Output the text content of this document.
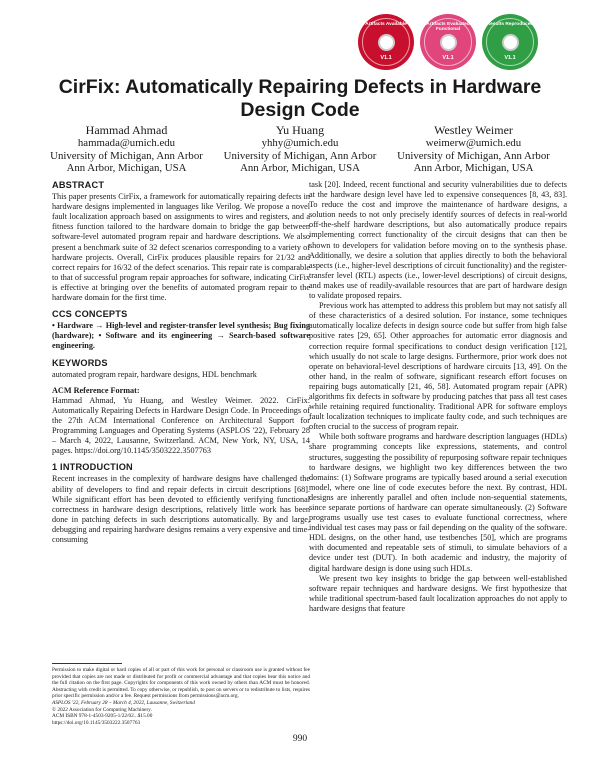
Artifacts Available
V1.1
Artifacts Evaluated Functional
V1.1
Results Reproduced
V1.1
CirFix: Automatically Repairing Defects in Hardware Design Code
Hammad Ahmad
hammada@umich.edu
University of Michigan, Ann Arbor
Ann Arbor, Michigan, USA
Yu Huang
yhhy@umich.edu
University of Michigan, Ann Arbor
Ann Arbor, Michigan, USA
Westley Weimer
weimerw@umich.edu
University of Michigan, Ann Arbor
Ann Arbor, Michigan, USA
ABSTRACT

This paper presents CirFix, a framework for automatically repairing defects in hardware designs implemented in languages like Verilog. We propose a novel fault localization approach based on assignments to wires and registers, and a fitness function tailored to the hardware domain to bridge the gap between software-level automated program repair and hardware descriptions. We also present a benchmark suite of 32 defect scenarios corresponding to a variety of hardware projects. Overall, CirFix produces plausible repairs for 21/32 and correct repairs for 16/32 of the defect scenarios. This repair rate is comparable to that of successful program repair approaches for software, indicating CirFix is effective at bringing over the benefits of automated program repair to the hardware domain for the first time.

CCS CONCEPTS

• Hardware → High-level and register-transfer level synthesis; Bug fixing (hardware); • Software and its engineering → Search-based software engineering.

KEYWORDS

automated program repair, hardware designs, HDL benchmark

ACM Reference Format:

Hammad Ahmad, Yu Huang, and Westley Weimer. 2022. CirFix: Automatically Repairing Defects in Hardware Design Code. In Proceedings of the 27th ACM International Conference on Architectural Support for Programming Languages and Operating Systems (ASPLOS '22), February 28 – March 4, 2022, Lausanne, Switzerland. ACM, New York, NY, USA, 14 pages. https://doi.org/10.1145/3503222.3507763

1 INTRODUCTION

Recent increases in the complexity of hardware designs have challenged the ability of developers to find and repair defects in circuit descriptions [68]. While significant effort has been devoted to efficiently verifying functional correctness in hardware design descriptions, relatively little work has been done in patching defects in such descriptions automatically. By and large, debugging and repairing hardware designs remains a very expensive and time-consuming

Permission to make digital or hard copies of all or part of this work for personal or classroom use is granted without fee provided that copies are not made or distributed for profit or commercial advantage and that copies bear this notice and the full citation on the first page. Copyrights for components of this work owned by others than ACM must be honored. Abstracting with credit is permitted. To copy otherwise, or republish, to post on servers or to redistribute to lists, requires prior specific permission and/or a fee. Request permissions from permissions@acm.org.

ASPLOS '22, February 28 – March 4, 2022, Lausanne, Switzerland

© 2022 Association for Computing Machinery.

ACM ISBN 978-1-4503-9205-1/22/02...$15.00

https://doi.org/10.1145/3503222.3507763

task [20]. Indeed, recent functional and security vulnerabilities due to defects at the hardware design level have led to expensive consequences [8, 43, 83]. To reduce the cost and improve the maintenance of hardware designs, a solution needs to not only precisely identify sources of defects in real-world off-the-shelf hardware descriptions, but also automatically produce repairs implementing correct functionality of the circuit designs that can then be shown to developers for validation before moving on to the synthesis phase. Additionally, we desire a solution that applies directly to both the behavioral aspects (i.e., higher-level descriptions of circuit functionality) and the register-transfer level (RTL) aspects (i.e., lower-level descriptions) of circuit designs, and makes use of readily-available resources that are part of hardware design to validate proposed repairs.

Previous work has attempted to address this problem but may not satisfy all of these characteristics of a desired solution. For instance, some techniques automatically localize defects in design source code but suffer from high false positive rates [29, 65]. Other approaches for automatic error diagnosis and correction require formal specifications to conduct design verification [12], which usually do not scale to large designs. Furthermore, prior work does not operate on behavioral-level descriptions of hardware circuits [13, 49]. On the other hand, in the realm of software, significant research effort focuses on repairing bugs automatically [21, 46, 58]. Automated program repair (APR) algorithms fix defects in software by producing patches that pass all test cases while retaining required functionality. Traditional APR for software employs fault localization techniques to implicate faulty code, and such techniques are often crucial to the success of program repair.

While both software programs and hardware description languages (HDLs) share programming concepts like expressions, statements, and control structures, suggesting the possibility of repurposing software repair techniques to hardware designs, we highlight two key differences between the two domains: (1) Software programs are typically based around a serial execution model, where one line of code executes before the next. By contrast, HDL designs are inherently parallel and often include non-sequential statements, since separate portions of hardware can operate simultaneously. (2) Software programs usually use test cases to evaluate functional correctness, where individual test cases may pass or fail depending on the quality of the software. HDL designs, on the other hand, use testbenches [50], which are programs with documented and repeatable sets of stimuli, to simulate behaviors of a device under test (DUT). In both academic and industry, the majority of digital hardware design is done using such HDLs.

We present two key insights to bridge the gap between well-established software repair techniques and hardware designs. We first hypothesize that while traditional spectrum-based fault localization approaches do not apply to hardware designs that feature

990
